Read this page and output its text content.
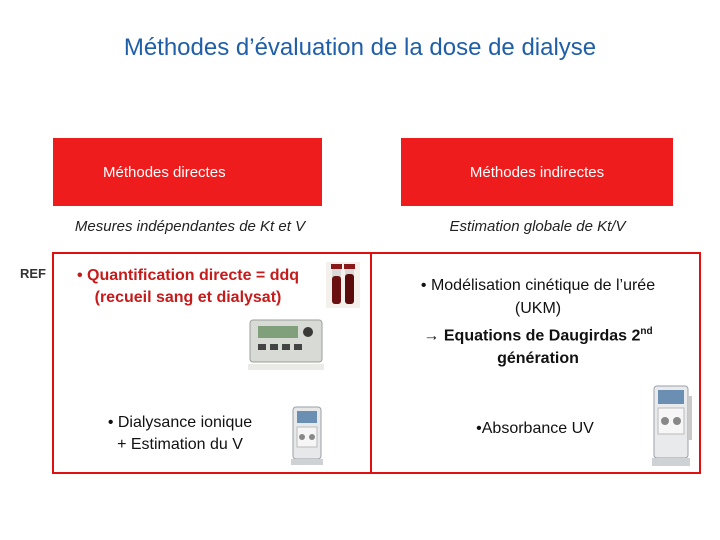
Méthodes d’évaluation de la dose de dialyse
Méthodes directes	Méthodes indirectes
Mesures indépendantes de Kt et V	Estimation globale de Kt/V
REF	• Quantification directe = ddq
(recueil sang et dialysat)
• Dialysance ionique
+ Estimation du V
• Modélisation cinétique de l’urée
(UKM)
→ Equations de Daugirdas 2nd
génération
•Absorbance UV
